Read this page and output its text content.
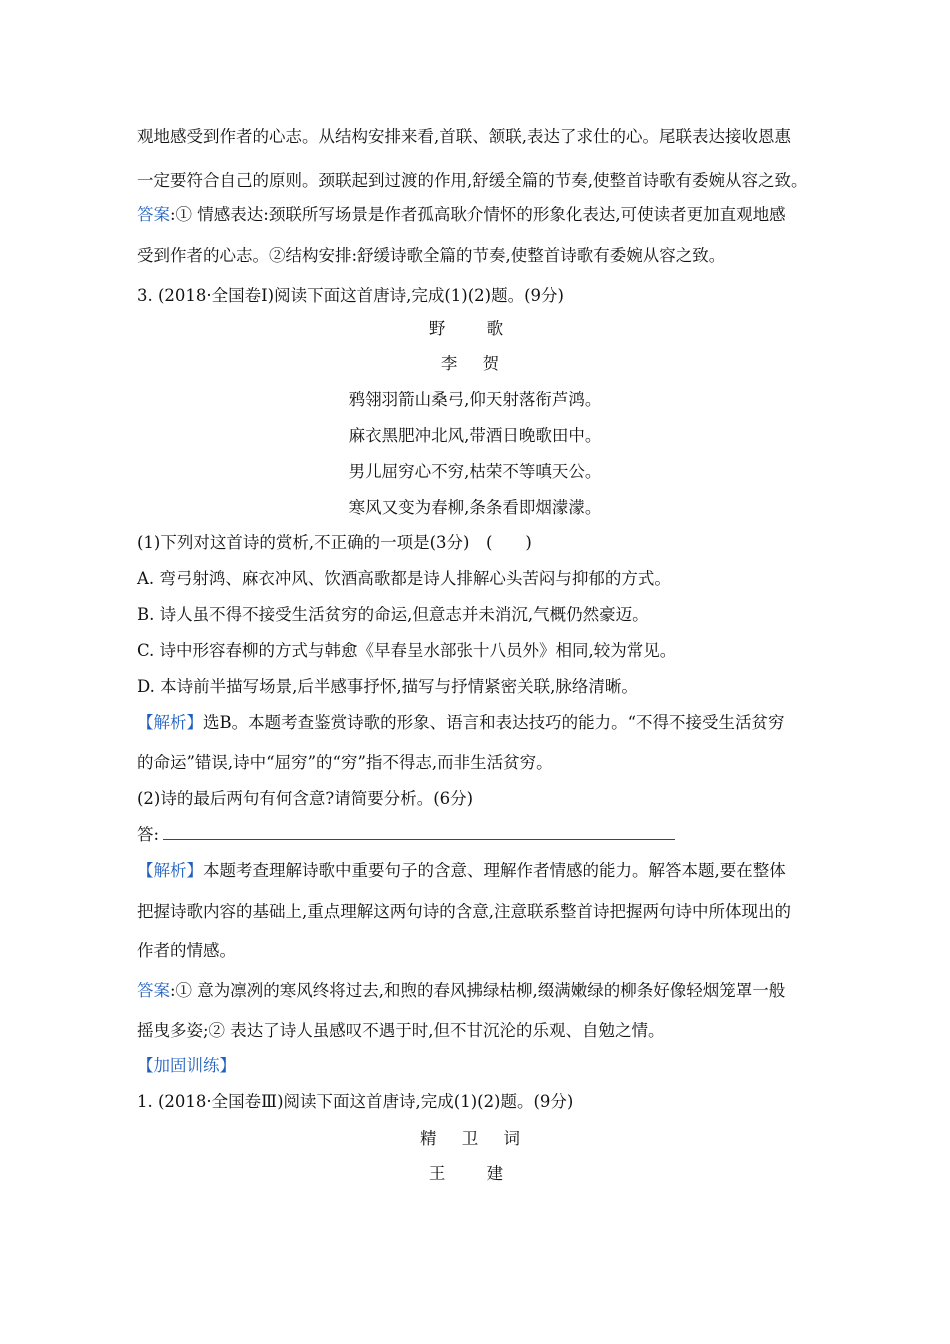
观地感受到作者的心志。从结构安排来看,首联、颔联,表达了求仕的心。尾联表达接收恩惠
一定要符合自己的原则。颈联起到过渡的作用,舒缓全篇的节奏,使整首诗歌有委婉从容之致。
答案:① 情感表达:颈联所写场景是作者孤高耿介情怀的形象化表达,可使读者更加直观地感
受到作者的心志。②结构安排:舒缓诗歌全篇的节奏,使整首诗歌有委婉从容之致。
3. (2018·全国卷Ⅰ)阅读下面这首唐诗,完成(1)(2)题。(9分)
野 歌
李 贺
鸦翎羽箭山桑弓,仰天射落衔芦鸿。
麻衣黑肥冲北风,带酒日晚歌田中。
男儿屈穷心不穷,枯荣不等嗔天公。
寒风又变为春柳,条条看即烟濛濛。
(1)下列对这首诗的赏析,不正确的一项是(3分)　(　　)
A. 弯弓射鸿、麻衣冲风、饮酒高歌都是诗人排解心头苦闷与抑郁的方式。
B. 诗人虽不得不接受生活贫穷的命运,但意志并未消沉,气概仍然豪迈。
C. 诗中形容春柳的方式与韩愈《早春呈水部张十八员外》相同,较为常见。
D. 本诗前半描写场景,后半感事抒怀,描写与抒情紧密关联,脉络清晰。
【解析】选B。本题考查鉴赏诗歌的形象、语言和表达技巧的能力。“不得不接受生活贫穷
的命运”错误,诗中“屈穷”的“穷”指不得志,而非生活贫穷。
(2)诗的最后两句有何含意?请简要分析。(6分)
答:
【解析】本题考查理解诗歌中重要句子的含意、理解作者情感的能力。解答本题,要在整体
把握诗歌内容的基础上,重点理解这两句诗的含意,注意联系整首诗把握两句诗中所体现出的
作者的情感。
答案:① 意为凛冽的寒风终将过去,和煦的春风拂绿枯柳,缀满嫩绿的柳条好像轻烟笼罩一般
摇曳多姿;② 表达了诗人虽感叹不遇于时,但不甘沉沦的乐观、自勉之情。
【加固训练】
1. (2018·全国卷Ⅲ)阅读下面这首唐诗,完成(1)(2)题。(9分)
精 卫 词
王 建
